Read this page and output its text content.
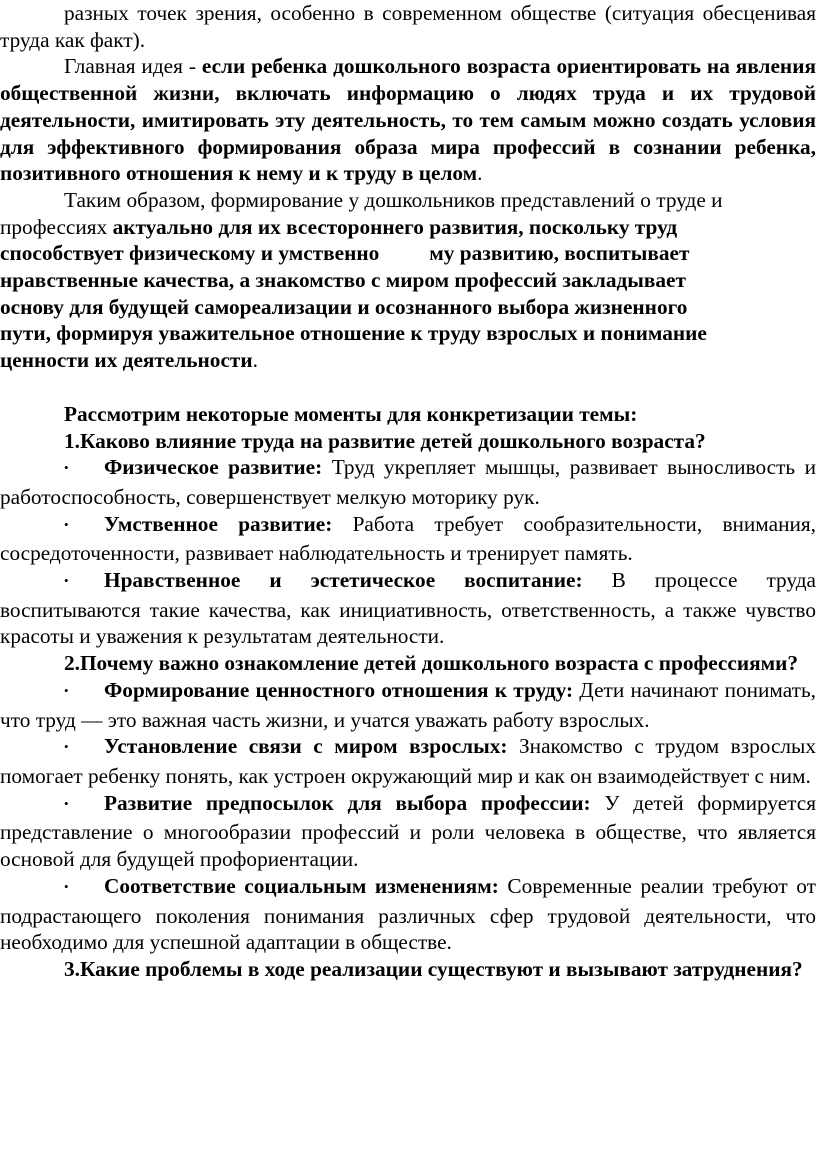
разных точек зрения, особенно в современном обществе (ситуация обесценивая труда как факт).

Главная идея - если ребенка дошкольного возраста ориентировать на явления общественной жизни, включать информацию о людях труда и их трудовой деятельности, имитировать эту деятельность, то тем самым можно создать условия для эффективного формирования образа мира профессий в сознании ребенка, позитивного отношения к нему и к труду в целом.

Таким образом, формирование у дошкольников представлений о труде и

профессиях актуально для их всестороннего развития, поскольку труд

способствует физическому и умственно му развитию, воспитывает

нравственные качества, а знакомство с миром профессий закладывает

основу для будущей самореализации и осознанного выбора жизненного

пути, формируя уважительное отношение к труду взрослых и понимание

ценности их деятельности.

Рассмотрим некоторые моменты для конкретизации темы:

1.Каково влияние труда на развитие детей дошкольного возраста?

•Физическое развитие: Труд укрепляет мышцы, развивает выносливость и работоспособность, совершенствует мелкую моторику рук.

•Умственное развитие: Работа требует сообразительности, внимания, сосредоточенности, развивает наблюдательность и тренирует память.

•Нравственное и эстетическое воспитание: В процессе труда воспитываются такие качества, как инициативность, ответственность, а также чувство красоты и уважения к результатам деятельности.

2.Почему важно ознакомление детей дошкольного возраста с профессиями?

•Формирование ценностного отношения к труду: Дети начинают понимать, что труд — это важная часть жизни, и учатся уважать работу взрослых.

•Установление связи с миром взрослых: Знакомство с трудом взрослых помогает ребенку понять, как устроен окружающий мир и как он взаимодействует с ним.

•Развитие предпосылок для выбора профессии: У детей формируется представление о многообразии профессий и роли человека в обществе, что является основой для будущей профориентации.

•Соответствие социальным изменениям: Современные реалии требуют от подрастающего поколения понимания различных сфер трудовой деятельности, что необходимо для успешной адаптации в обществе.

3.Какие проблемы в ходе реализации существуют и вызывают затруднения?
